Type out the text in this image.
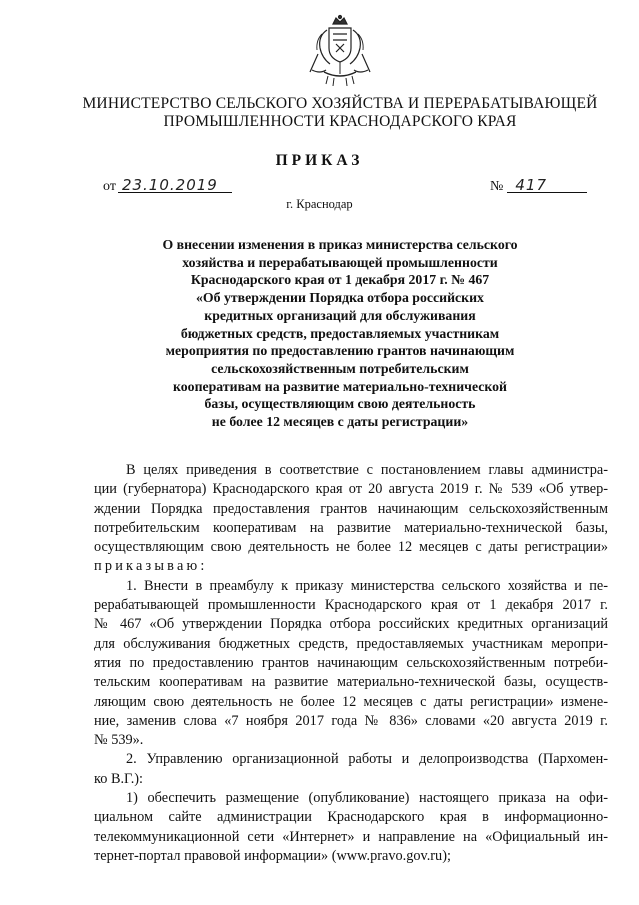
МИНИСТЕРСТВО СЕЛЬСКОГО ХОЗЯЙСТВА И ПЕРЕРАБАТЫВАЮЩЕЙ
ПРОМЫШЛЕННОСТИ КРАСНОДАРСКОГО КРАЯ
ПРИКАЗ
от 23.10.2019	№ 417
г. Краснодар
О внесении изменения в приказ министерства сельского
хозяйства и перерабатывающей промышленности
Краснодарского края от 1 декабря 2017 г. № 467
«Об утверждении Порядка отбора российских
кредитных организаций для обслуживания
бюджетных средств, предоставляемых участникам
мероприятия по предоставлению грантов начинающим
сельскохозяйственным потребительским
кооперативам на развитие материально-технической
базы, осуществляющим свою деятельность
не более 12 месяцев с даты регистрации»
В целях приведения в соответствие с постановлением главы администра-
ции (губернатора) Краснодарского края от 20 августа 2019 г. № 539 «Об утвер-
ждении Порядка предоставления грантов начинающим сельскохозяйственным
потребительским кооперативам на развитие материально-технической базы,
осуществляющим свою деятельность не более 12 месяцев с даты регистрации»
приказываю:
1. Внести в преамбулу к приказу министерства сельского хозяйства и пе-
рерабатывающей промышленности Краснодарского края от 1 декабря 2017 г.
№ 467 «Об утверждении Порядка отбора российских кредитных организаций
для обслуживания бюджетных средств, предоставляемых участникам меропри-
ятия по предоставлению грантов начинающим сельскохозяйственным потреби-
тельским кооперативам на развитие материально-технической базы, осуществ-
ляющим свою деятельность не более 12 месяцев с даты регистрации» измене-
ние, заменив слова «7 ноября 2017 года № 836» словами «20 августа 2019 г.
№ 539».
2. Управлению организационной работы и делопроизводства (Пархомен-
ко В.Г.):
1) обеспечить размещение (опубликование) настоящего приказа на офи-
циальном сайте администрации Краснодарского края в информационно-
телекоммуникационной сети «Интернет» и направление на «Официальный ин-
тернет-портал правовой информации» (www.pravo.gov.ru);
